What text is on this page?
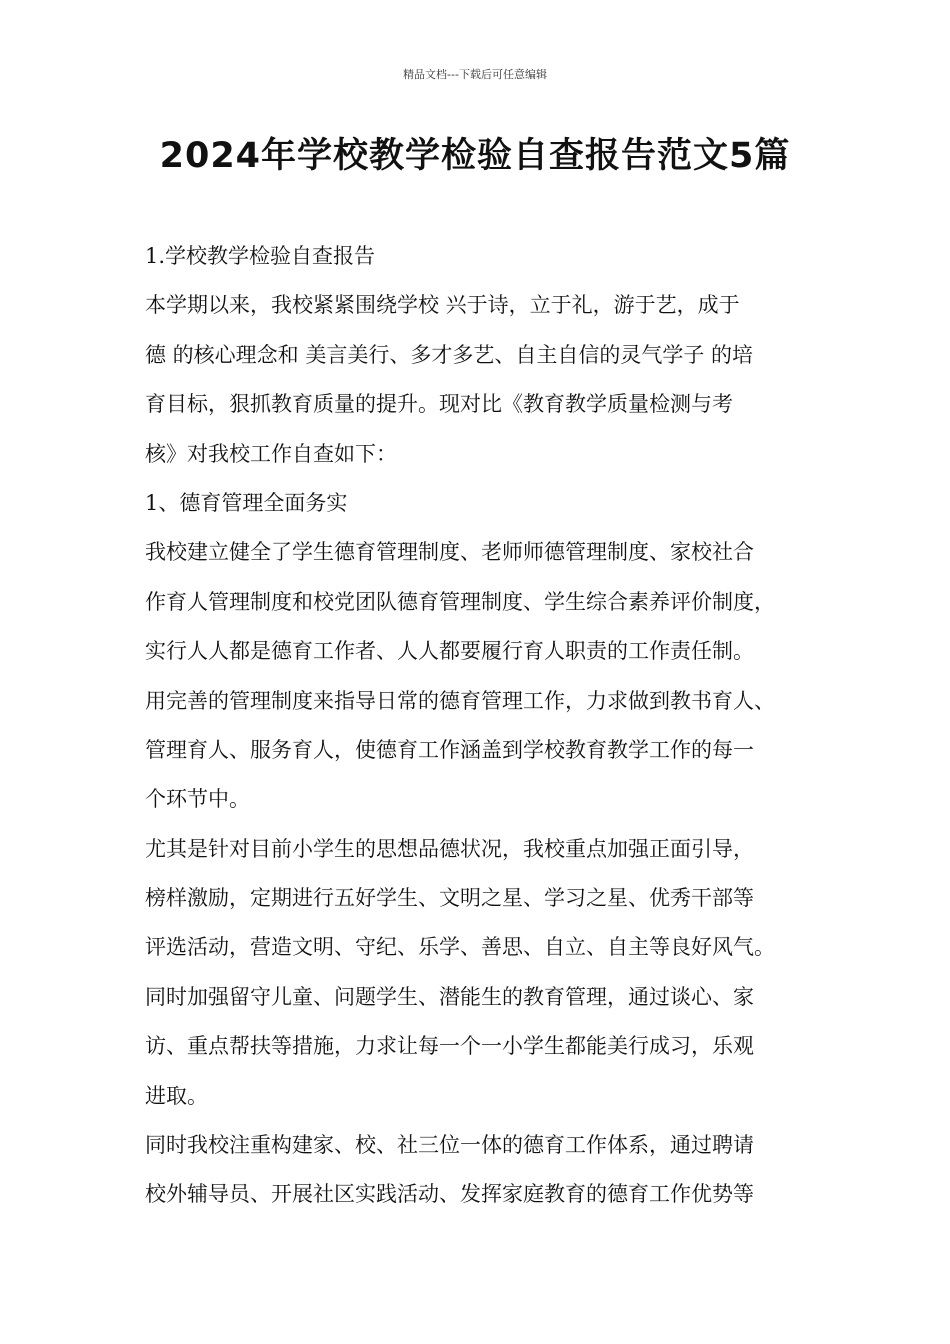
精品文档---下载后可任意编辑
2024年学校教学检验自查报告范文5篇
1.学校教学检验自查报告
本学期以来，我校紧紧围绕学校 兴于诗，立于礼，游于艺，成于
德 的核心理念和 美言美行、多才多艺、自主自信的灵气学子 的培
育目标，狠抓教育质量的提升。现对比《教育教学质量检测与考
核》对我校工作自查如下：
1、德育管理全面务实
我校建立健全了学生德育管理制度、老师师德管理制度、家校社合
作育人管理制度和校党团队德育管理制度、学生综合素养评价制度，
实行人人都是德育工作者、人人都要履行育人职责的工作责任制。
用完善的管理制度来指导日常的德育管理工作，力求做到教书育人、
管理育人、服务育人，使德育工作涵盖到学校教育教学工作的每一
个环节中。
尤其是针对目前小学生的思想品德状况，我校重点加强正面引导，
榜样激励，定期进行五好学生、文明之星、学习之星、优秀干部等
评选活动，营造文明、守纪、乐学、善思、自立、自主等良好风气。
同时加强留守儿童、问题学生、潜能生的教育管理，通过谈心、家
访、重点帮扶等措施，力求让每一个一小学生都能美行成习，乐观
进取。
同时我校注重构建家、校、社三位一体的德育工作体系，通过聘请
校外辅导员、开展社区实践活动、发挥家庭教育的德育工作优势等
